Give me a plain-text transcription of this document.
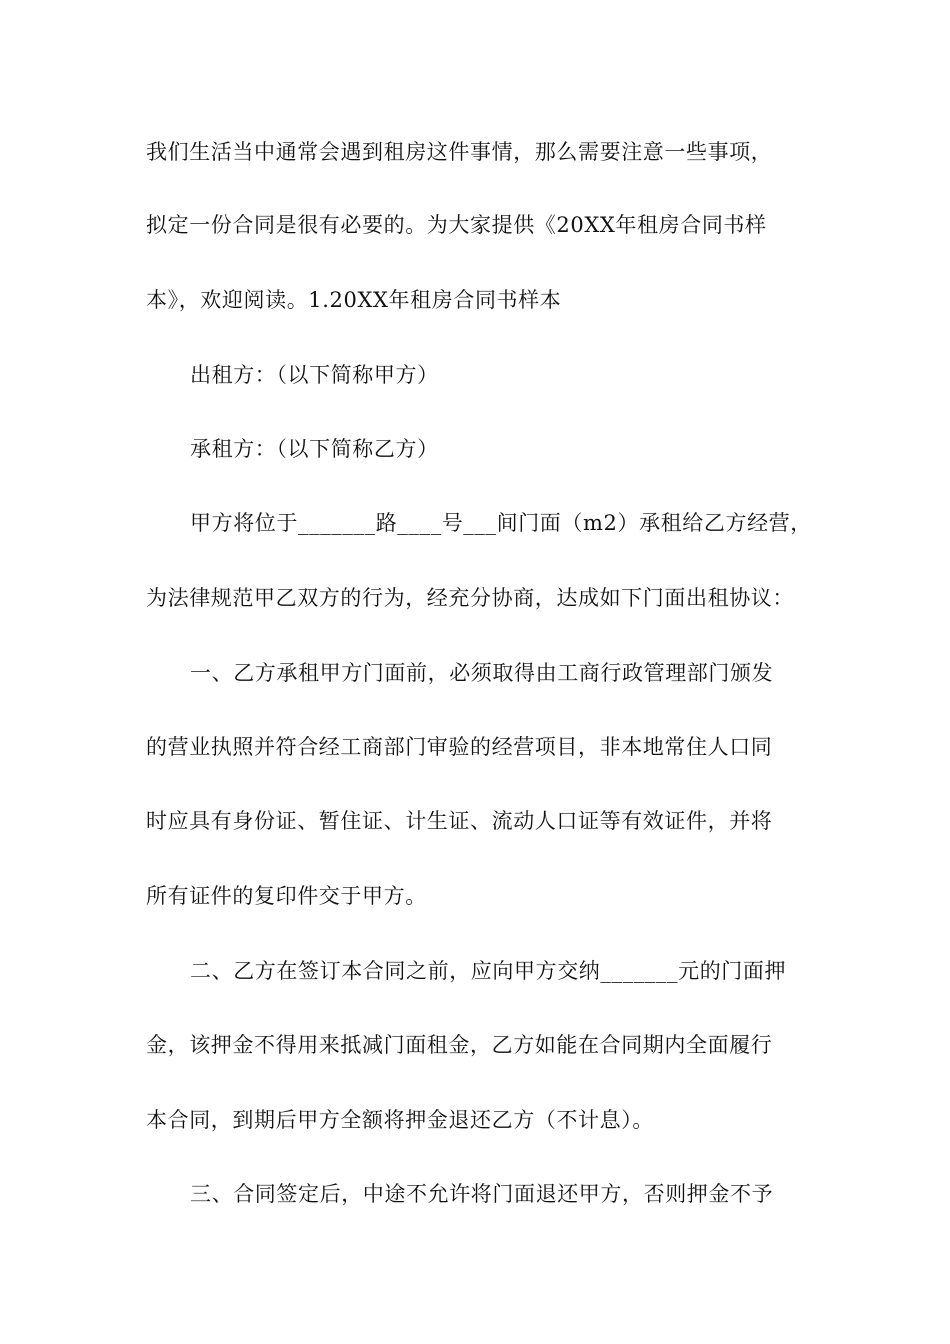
我们生活当中通常会遇到租房这件事情，那么需要注意一些事项，
拟定一份合同是很有必要的。为大家提供《20XX年租房合同书样
本》，欢迎阅读。1.20XX年租房合同书样本
出租方：（以下简称甲方）
承租方：（以下简称乙方）
甲方将位于_______路____号___间门面（m2）承租给乙方经营，
为法律规范甲乙双方的行为，经充分协商，达成如下门面出租协议：
一、乙方承租甲方门面前，必须取得由工商行政管理部门颁发
的营业执照并符合经工商部门审验的经营项目，非本地常住人口同
时应具有身份证、暂住证、计生证、流动人口证等有效证件，并将
所有证件的复印件交于甲方。
二、乙方在签订本合同之前，应向甲方交纳_______元的门面押
金，该押金不得用来抵减门面租金，乙方如能在合同期内全面履行
本合同，到期后甲方全额将押金退还乙方（不计息）。
三、合同签定后，中途不允许将门面退还甲方，否则押金不予
